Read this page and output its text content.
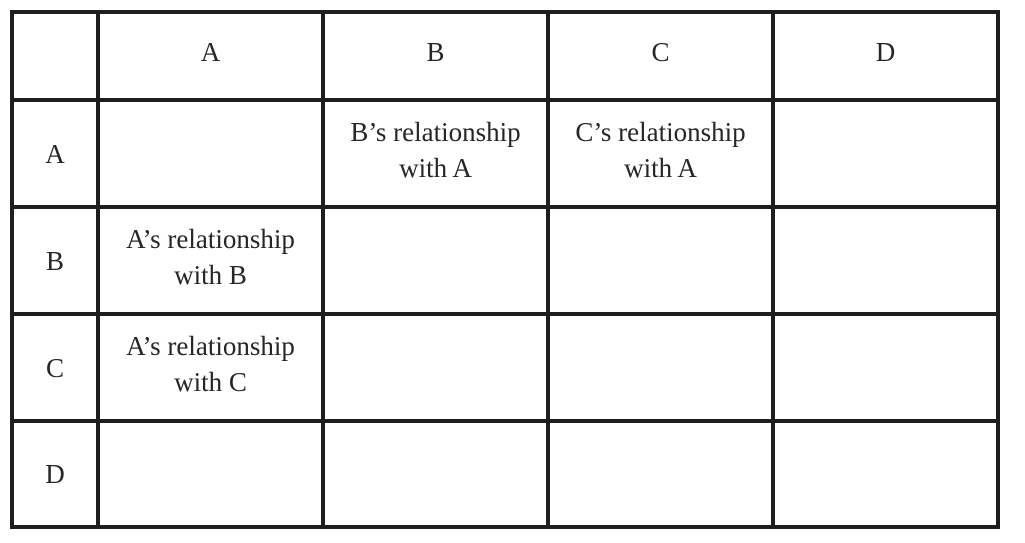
	A	B	C	D
A		B’s relationship with A	C’s relationship with A	

B	A’s relationship with B			

C	A’s relationship with C			

D	
